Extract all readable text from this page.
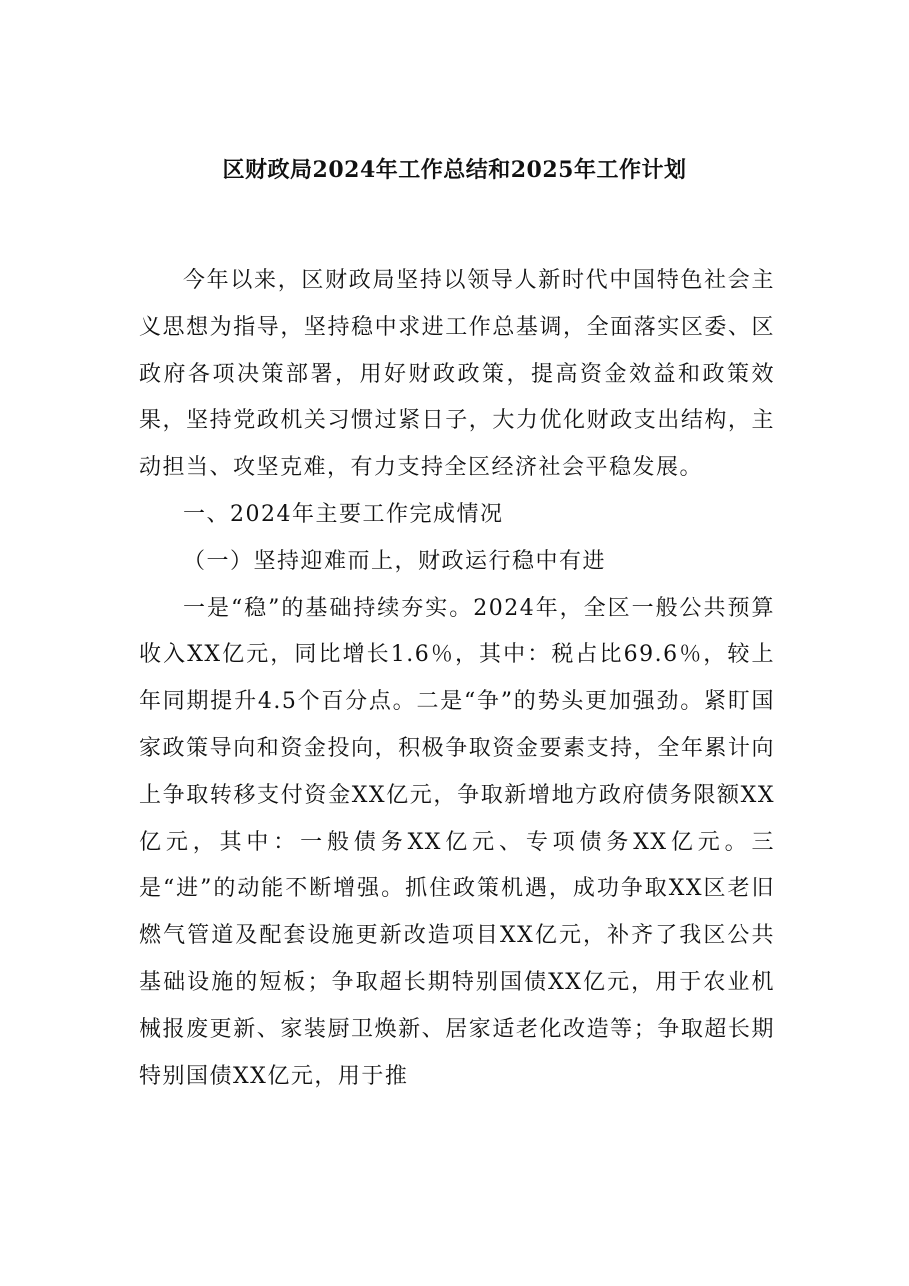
区财政局2024年工作总结和2025年工作计划

今年以来，区财政局坚持以领导人新时代中国特色社会主义思想为指导，坚持稳中求进工作总基调，全面落实区委、区政府各项决策部署，用好财政政策，提高资金效益和政策效果，坚持党政机关习惯过紧日子，大力优化财政支出结构，主动担当、攻坚克难，有力支持全区经济社会平稳发展。

一、2024年主要工作完成情况

（一）坚持迎难而上，财政运行稳中有进

一是“稳”的基础持续夯实。2024年，全区一般公共预算收入XX亿元，同比增长1.6％，其中：税占比69.6％，较上年同期提升4.5个百分点。二是“争”的势头更加强劲。紧盯国家政策导向和资金投向，积极争取资金要素支持，全年累计向上争取转移支付资金XX亿元，争取新增地方政府债务限额XX亿元，其中：一般债务XX亿元、专项债务XX亿元。三是“进”的动能不断增强。抓住政策机遇，成功争取XX区老旧燃气管道及配套设施更新改造项目XX亿元，补齐了我区公共基础设施的短板；争取超长期特别国债XX亿元，用于农业机械报废更新、家装厨卫焕新、居家适老化改造等；争取超长期特别国债XX亿元，用于推
